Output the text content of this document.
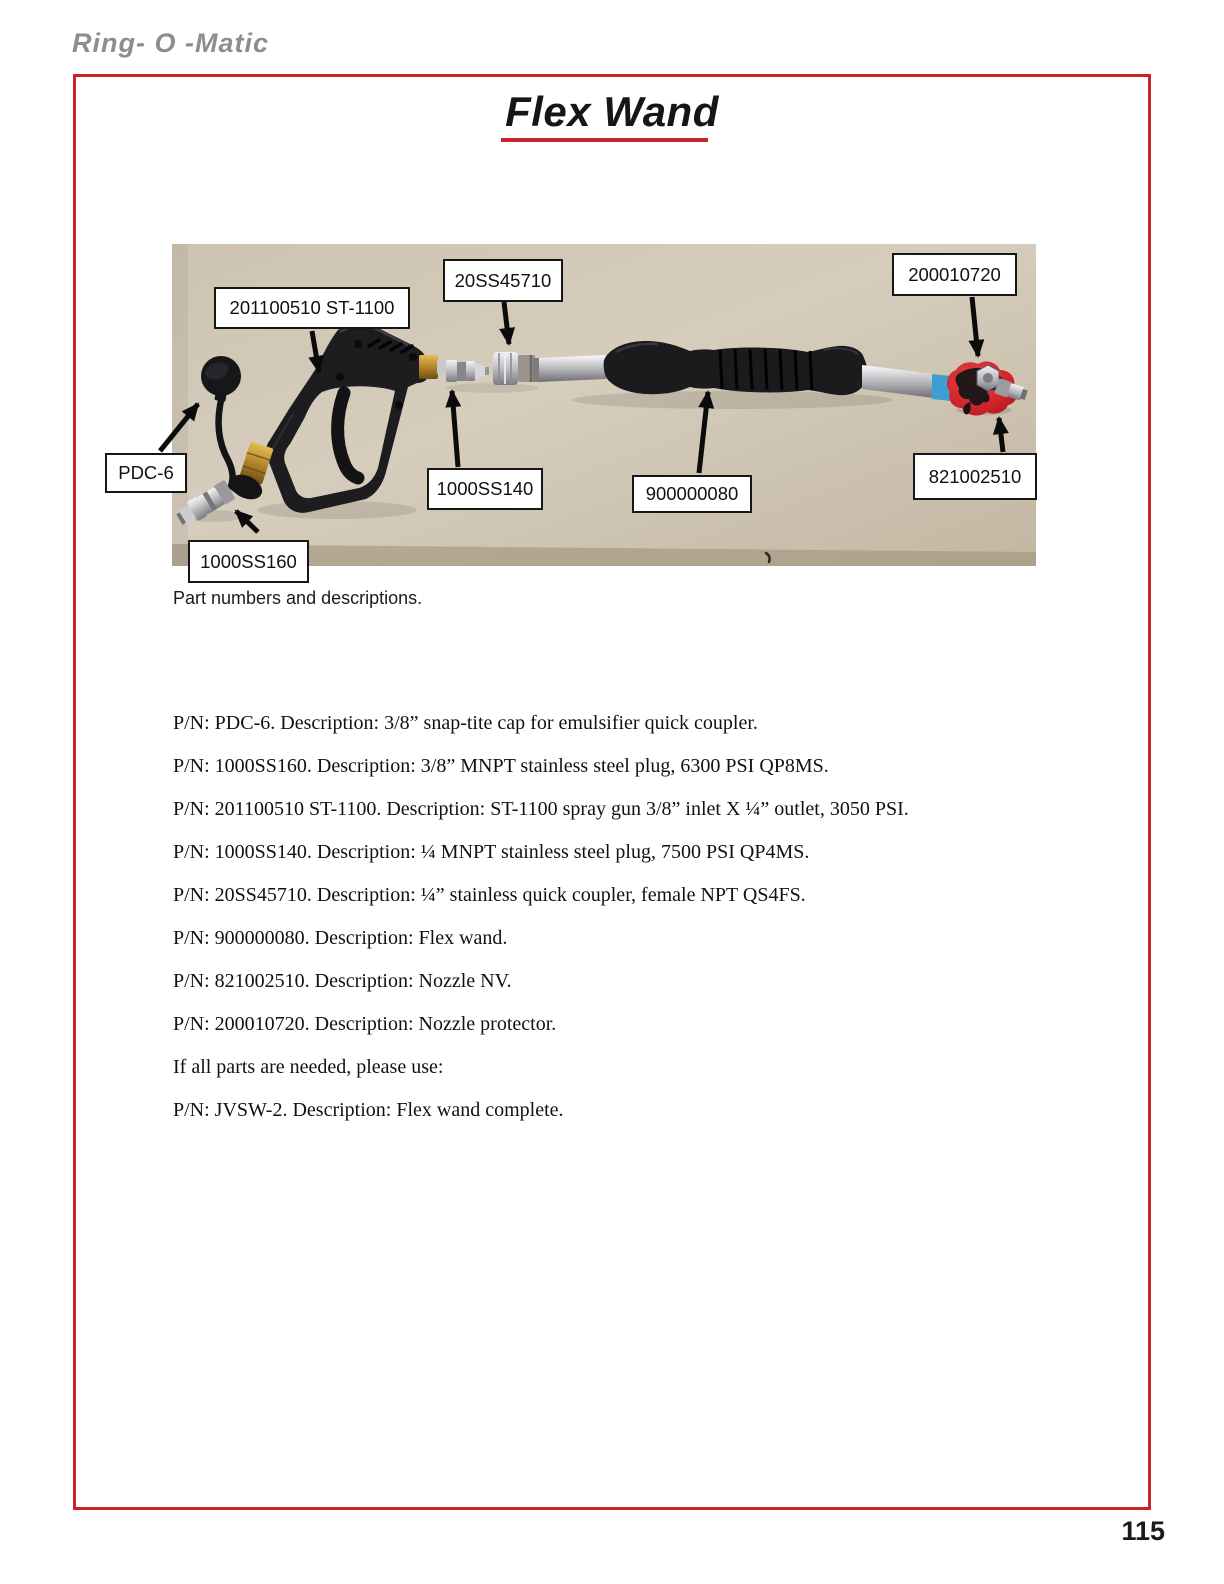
Ring- O -Matic
Flex Wand
PDC-6
201100510 ST-1100
20SS45710	200010720
1000SS140	900000080
821002510
1000SS160
Part numbers and descriptions.
P/N: PDC-6. Description: 3/8” snap-tite cap for emulsifier quick coupler.
P/N: 1000SS160. Description: 3/8” MNPT stainless steel plug, 6300 PSI QP8MS.
P/N: 201100510 ST-1100. Description: ST-1100 spray gun 3/8” inlet X ¼” outlet, 3050 PSI.
P/N: 1000SS140. Description: ¼ MNPT stainless steel plug, 7500 PSI QP4MS.
P/N: 20SS45710. Description: ¼” stainless quick coupler, female NPT QS4FS.
P/N: 900000080. Description: Flex wand.
P/N: 821002510. Description: Nozzle NV.
P/N: 200010720. Description: Nozzle protector.
If all parts are needed, please use:
P/N: JVSW-2. Description: Flex wand complete.
115
